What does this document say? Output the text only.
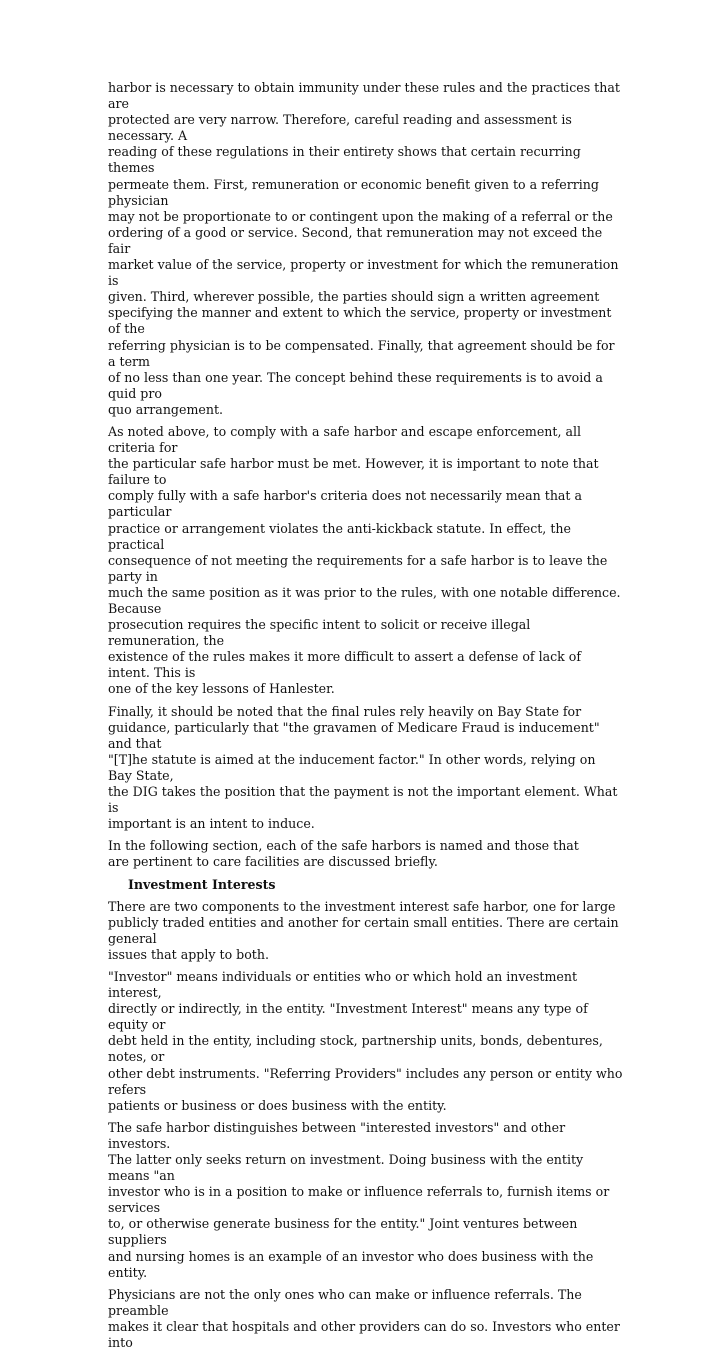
harbor is necessary to obtain immunity under these rules and the practices that are
protected are very narrow. Therefore, careful reading and assessment is necessary. A
reading of these regulations in their entirety shows that certain recurring themes
permeate them. First, remuneration or economic benefit given to a referring physician
may not be proportionate to or contingent upon the making of a referral or the
ordering of a good or service. Second, that remuneration may not exceed the fair
market value of the service, property or investment for which the remuneration is
given. Third, wherever possible, the parties should sign a written agreement
specifying the manner and extent to which the service, property or investment of the
referring physician is to be compensated. Finally, that agreement should be for a term
of no less than one year. The concept behind these requirements is to avoid a quid pro
quo arrangement.

As noted above, to comply with a safe harbor and escape enforcement, all criteria for
the particular safe harbor must be met. However, it is important to note that failure to
comply fully with a safe harbor's criteria does not necessarily mean that a particular
practice or arrangement violates the anti-kickback statute. In effect, the practical
consequence of not meeting the requirements for a safe harbor is to leave the party in
much the same position as it was prior to the rules, with one notable difference. Because
prosecution requires the specific intent to solicit or receive illegal remuneration, the
existence of the rules makes it more difficult to assert a defense of lack of intent. This is
one of the key lessons of Hanlester.

Finally, it should be noted that the final rules rely heavily on Bay State for
guidance, particularly that "the gravamen of Medicare Fraud is inducement" and that
"[T]he statute is aimed at the inducement factor." In other words, relying on Bay State,
the DIG takes the position that the payment is not the important element. What is
important is an intent to induce.

In the following section, each of the safe harbors is named and those that
are pertinent to care facilities are discussed briefly.

Investment Interests

There are two components to the investment interest safe harbor, one for large
publicly traded entities and another for certain small entities. There are certain general
issues that apply to both.

"Investor" means individuals or entities who or which hold an investment interest,
directly or indirectly, in the entity. "Investment Interest" means any type of equity or
debt held in the entity, including stock, partnership units, bonds, debentures, notes, or
other debt instruments. "Referring Providers" includes any person or entity who refers
patients or business or does business with the entity.

The safe harbor distinguishes between "interested investors" and other investors.
The latter only seeks return on investment. Doing business with the entity means "an
investor who is in a position to make or influence referrals to, furnish items or services
to, or otherwise generate business for the entity." Joint ventures between suppliers
and nursing homes is an example of an investor who does business with the entity.

Physicians are not the only ones who can make or influence referrals. The preamble
makes it clear that hospitals and other providers can do so. Investors who enter into
